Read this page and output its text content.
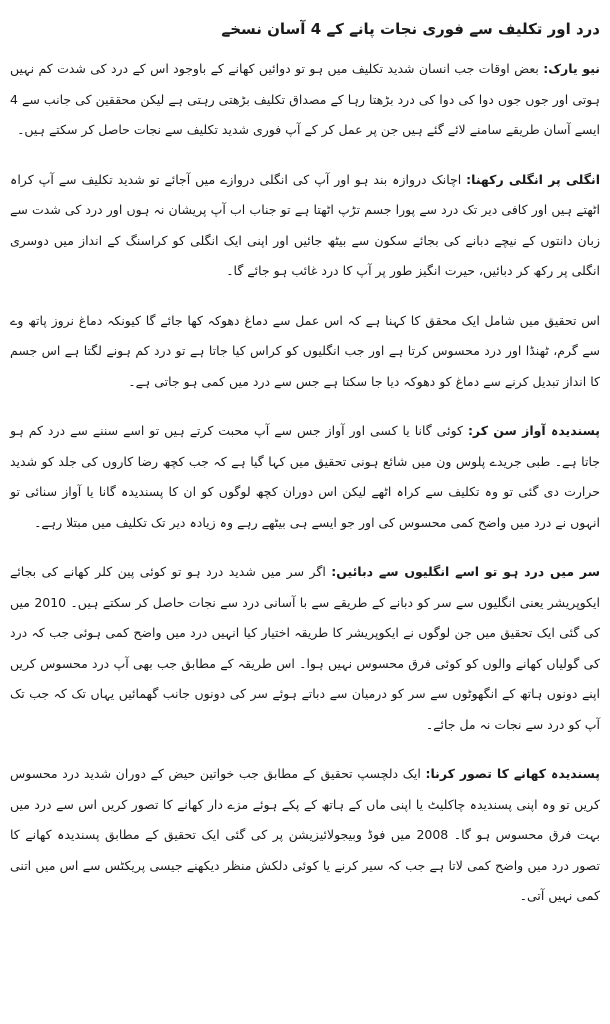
درد اور تکلیف سے فوری نجات پانے کے 4 آسان نسخے

نیو یارک: بعض اوقات جب انسان شدید تکلیف میں ہو تو دوائیں کھانے کے باوجود اس کے درد کی شدت کم نہیں ہوتی اور جوں جوں دوا کی دوا کی درد بڑھتا رہا کے مصداق تکلیف بڑھتی رہتی ہے لیکن محققین کی جانب سے 4 ایسے آسان طریقے سامنے لائے گئے ہیں جن پر عمل کر کے آپ فوری شدید تکلیف سے نجات حاصل کر سکتے ہیں۔

انگلی پر انگلی رکھنا: اچانک دروازہ بند ہو اور آپ کی انگلی دروازے میں آجائے تو شدید تکلیف سے آپ کراہ اٹھتے ہیں اور کافی دیر تک درد سے پورا جسم تڑپ اٹھتا ہے تو جناب اب آپ پریشان نہ ہوں اور درد کی شدت سے زبان دانتوں کے نیچے دبانے کی بجائے سکون سے بیٹھ جائیں اور اپنی ایک انگلی کو کراسنگ کے انداز میں دوسری انگلی پر رکھ کر دبائیں، حیرت انگیز طور پر آپ کا درد غائب ہو جائے گا۔

اس تحقیق میں شامل ایک محقق کا کہنا ہے کہ اس عمل سے دماغ دھوکہ کھا جائے گا کیونکہ دماغ نروز پاتھ وے سے گرم، ٹھنڈا اور درد محسوس کرتا ہے اور جب انگلیوں کو کراس کیا جاتا ہے تو درد کم ہونے لگتا ہے اس جسم کا انداز تبدیل کرنے سے دماغ کو دھوکہ دیا جا سکتا ہے جس سے درد میں کمی ہو جاتی ہے۔

پسندیدہ آواز سن کر: کوئی گانا یا کسی اور آواز جس سے آپ محبت کرتے ہیں تو اسے سننے سے درد کم ہو جاتا ہے۔ طبی جریدے پلوس ون میں شائع ہونی تحقیق میں کہا گیا ہے کہ جب کچھ رضا کاروں کی جلد کو شدید حرارت دی گئی تو وہ تکلیف سے کراہ اٹھے لیکن اس دوران کچھ لوگوں کو ان کا پسندیدہ گانا یا آواز سنائی تو انہوں نے درد میں واضح کمی محسوس کی اور جو ایسے ہی بیٹھے رہے وہ زیادہ دیر تک تکلیف میں مبتلا رہے۔

سر میں درد ہو تو اسے انگلیوں سے دبائیں: اگر سر میں شدید درد ہو تو کوئی پین کلر کھانے کی بجائے ایکوپریشر یعنی انگلیوں سے سر کو دبانے کے طریقے سے با آسانی درد سے نجات حاصل کر سکتے ہیں۔ 2010 میں کی گئی ایک تحقیق میں جن لوگوں نے ایکوپریشر کا طریقہ اختیار کیا انہیں درد میں واضح کمی ہوئی جب کہ درد کی گولیاں کھانے والوں کو کوئی فرق محسوس نہیں ہوا۔ اس طریقہ کے مطابق جب بھی آپ درد محسوس کریں اپنے دونوں ہاتھ کے انگھوٹوں سے سر کو درمیان سے دباتے ہوئے سر کی دونوں جانب گھمائیں یہاں تک کہ جب تک آپ کو درد سے نجات نہ مل جائے۔

پسندیدہ کھانے کا تصور کرنا: ایک دلچسپ تحقیق کے مطابق جب خواتین حیض کے دوران شدید درد محسوس کریں تو وہ اپنی پسندیدہ چاکلیٹ یا اپنی ماں کے ہاتھ کے پکے ہوئے مزے دار کھانے کا تصور کریں اس سے درد میں بہت فرق محسوس ہو گا۔ 2008 میں فوڈ وبیجولائیزیشن پر کی گئی ایک تحقیق کے مطابق پسندیدہ کھانے کا تصور درد میں واضح کمی لاتا ہے جب کہ سیر کرنے یا کوئی دلکش منظر دیکھنے جیسی پریکٹس سے اس میں اتنی کمی نہیں آتی۔
